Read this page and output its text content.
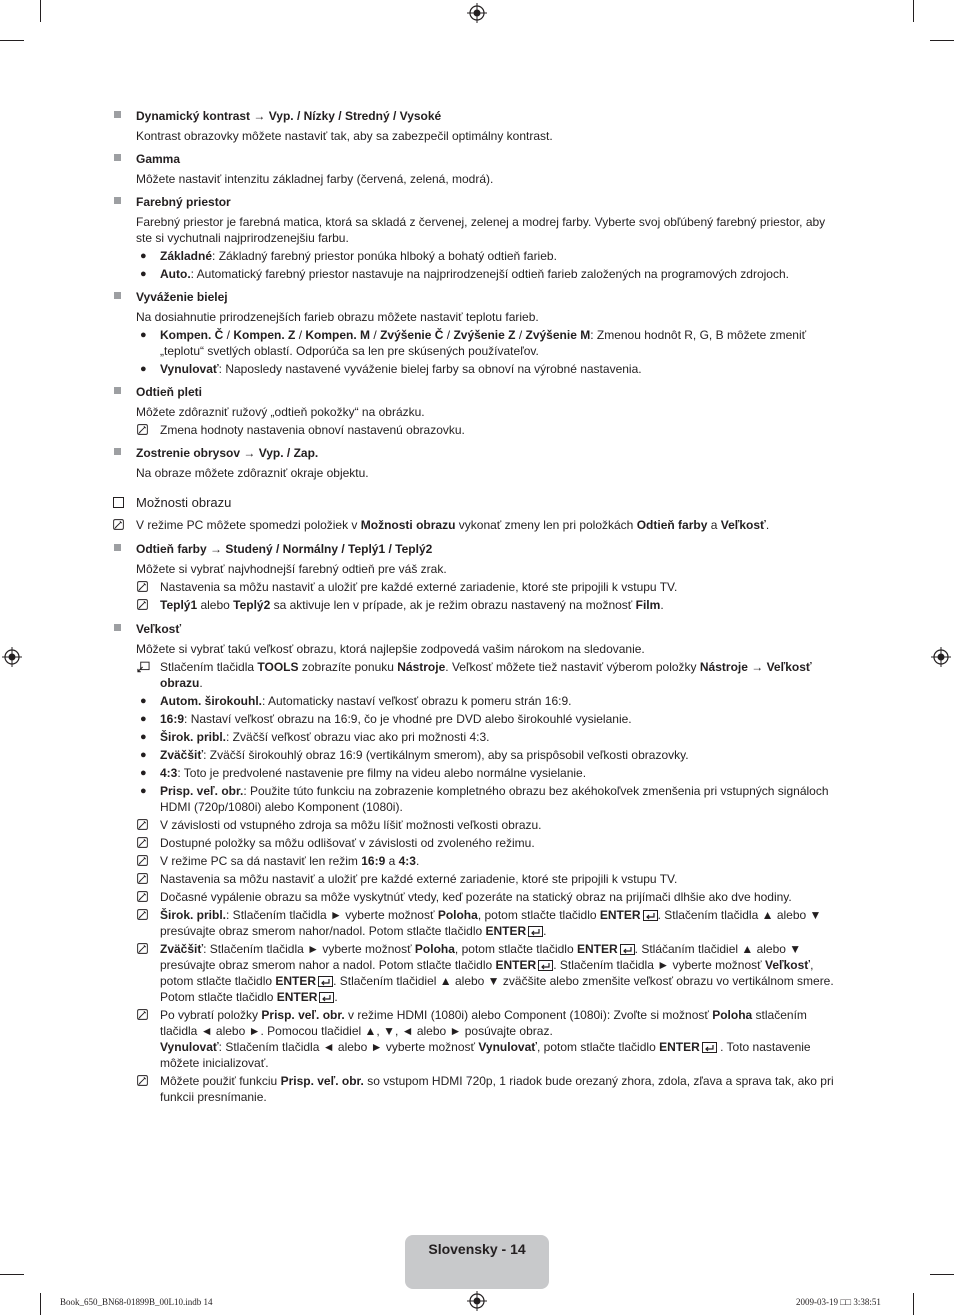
Dynamický kontrast → Vyp. / Nízky / Stredný / Vysoké
Kontrast obrazovky môžete nastaviť tak, aby sa zabezpečil optimálny kontrast.
Gamma
Môžete nastaviť intenzitu základnej farby (červená, zelená, modrá).
Farebný priestor
Farebný priestor je farebná matica, ktorá sa skladá z červenej, zelenej a modrej farby. Vyberte svoj obľúbený farebný priestor, aby ste si vychutnali najprirodzenejšiu farbu.
● Základné: Základný farebný priestor ponúka hlboký a bohatý odtieň farieb.
● Auto.: Automatický farebný priestor nastavuje na najprirodzenejší odtieň farieb založených na programových zdrojoch.
Vyváženie bielej
Na dosiahnutie prirodzenejších farieb obrazu môžete nastaviť teplotu farieb.
● Kompen. Č / Kompen. Z / Kompen. M / Zvýšenie Č / Zvýšenie Z / Zvýšenie M: Zmenou hodnôt R, G, B môžete zmeniť „teplotu“ svetlých oblastí. Odporúča sa len pre skúsených používateľov.
● Vynulovať: Naposledy nastavené vyváženie bielej farby sa obnoví na výrobné nastavenia.
Odtieň pleti
Môžete zdôrazniť ružový „odtieň pokožky“ na obrázku.
Zmena hodnoty nastavenia obnoví nastavenú obrazovku.
Zostrenie obrysov → Vyp. / Zap.
Na obraze môžete zdôrazniť okraje objektu.
Možnosti obrazu
V režime PC môžete spomedzi položiek v Možnosti obrazu vykonať zmeny len pri položkách Odtieň farby a Veľkosť.
Odtieň farby → Studený / Normálny / Teplý1 / Teplý2
Môžete si vybrať najvhodnejší farebný odtieň pre váš zrak.
Nastavenia sa môžu nastaviť a uložiť pre každé externé zariadenie, ktoré ste pripojili k vstupu TV.
Teplý1 alebo Teplý2 sa aktivuje len v prípade, ak je režim obrazu nastavený na možnosť Film.
Veľkosť
Môžete si vybrať takú veľkosť obrazu, ktorá najlepšie zodpovedá vašim nárokom na sledovanie.
Stlačením tlačidla TOOLS zobrazíte ponuku Nástroje. Veľkosť môžete tiež nastaviť výberom položky Nástroje → Veľkosť obrazu.
● Autom. širokouhl.: Automaticky nastaví veľkosť obrazu k pomeru strán 16:9.
● 16:9: Nastaví veľkosť obrazu na 16:9, čo je vhodné pre DVD alebo širokouhlé vysielanie.
● Širok. pribl.: Zväčší veľkosť obrazu viac ako pri možnosti 4:3.
● Zväčšiť: Zväčší širokouhlý obraz 16:9 (vertikálnym smerom), aby sa prispôsobil veľkosti obrazovky.
● 4:3: Toto je predvolené nastavenie pre filmy na videu alebo normálne vysielanie.
● Prisp. veľ. obr.: Použite túto funkciu na zobrazenie kompletného obrazu bez akéhokoľvek zmenšenia pri vstupných signáloch HDMI (720p/1080i) alebo Komponent (1080i).
V závislosti od vstupného zdroja sa môžu líšiť možnosti veľkosti obrazu.
Dostupné položky sa môžu odlišovať v závislosti od zvoleného režimu.
V režime PC sa dá nastaviť len režim 16:9 a 4:3.
Nastavenia sa môžu nastaviť a uložiť pre každé externé zariadenie, ktoré ste pripojili k vstupu TV.
Dočasné vypálenie obrazu sa môže vyskytnúť vtedy, keď pozeráte na statický obraz na prijímači dlhšie ako dve hodiny.
Širok. pribl.: Stlačením tlačidla ► vyberte možnosť Poloha, potom stlačte tlačidlo ENTER . Stlačením tlačidla ▲ alebo ▼ presúvajte obraz smerom nahor/nadol. Potom stlačte tlačidlo ENTER .
Zväčšiť: Stlačením tlačidla ► vyberte možnosť Poloha, potom stlačte tlačidlo ENTER . Stláčaním tlačidiel ▲ alebo ▼ presúvajte obraz smerom nahor a nadol. Potom stlačte tlačidlo ENTER . Stlačením tlačidla ► vyberte možnosť Veľkosť, potom stlačte tlačidlo ENTER . Stlačením tlačidiel ▲ alebo ▼ zväčšite alebo zmenšite veľkosť obrazu vo vertikálnom smere. Potom stlačte tlačidlo ENTER .
Po vybratí položky Prisp. veľ. obr. v režime HDMI (1080i) alebo Component (1080i): Zvoľte si možnosť Poloha stlačením tlačidla ◄ alebo ►. Pomocou tlačidiel ▲, ▼, ◄ alebo ► posúvajte obraz.
Vynulovať: Stlačením tlačidla ◄ alebo ► vyberte možnosť Vynulovať, potom stlačte tlačidlo ENTER . Toto nastavenie môžete inicializovať.
Môžete použiť funkciu Prisp. veľ. obr. so vstupom HDMI 720p, 1 riadok bude orezaný zhora, zdola, zľava a sprava tak, ako pri funkcii presnímanie.
Slovensky - 14
Book_650_BN68-01899B_00L10.indb 14	2009-03-19 □□ 3:38:51
